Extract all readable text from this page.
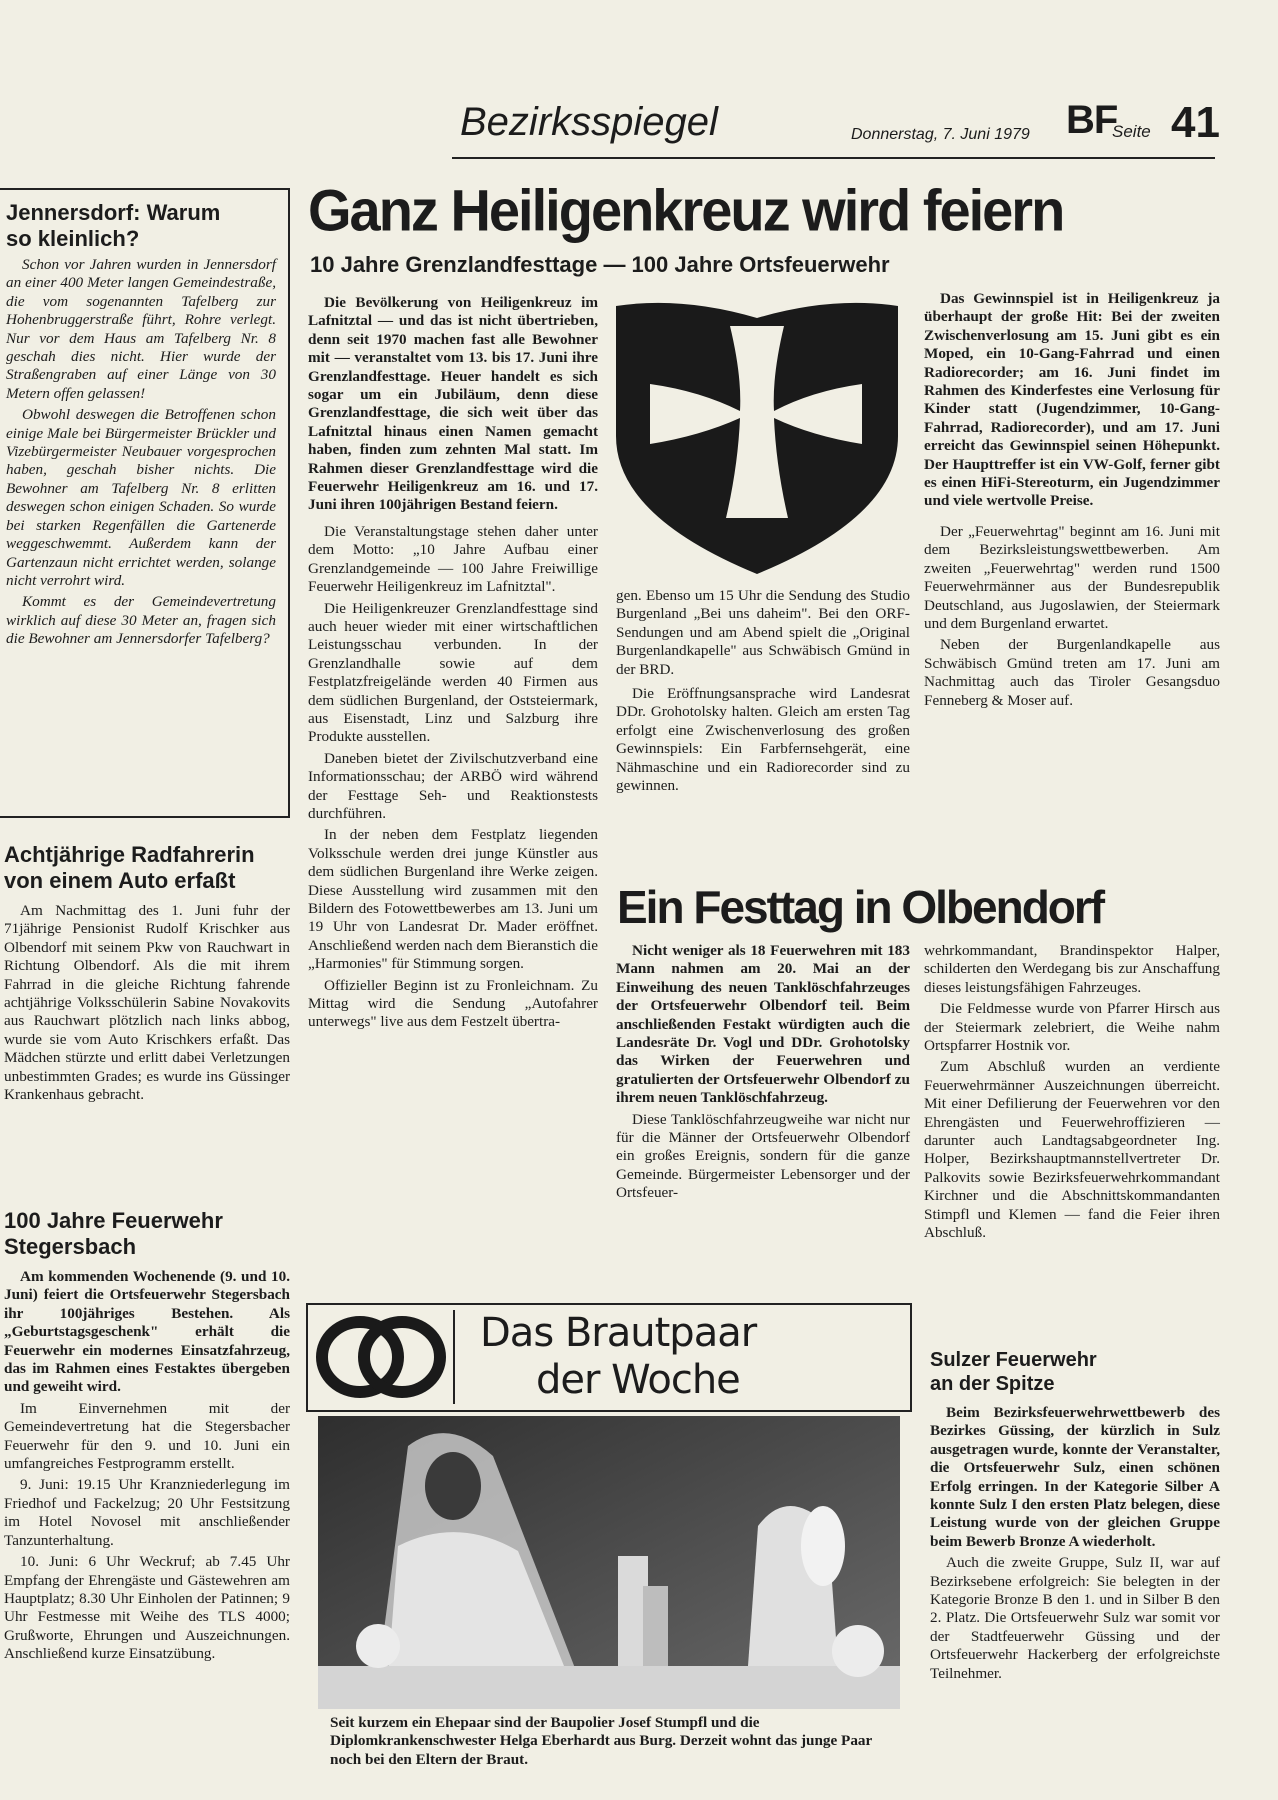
Bezirksspiegel	Donnerstag, 7. Juni 1979 BF
Seite 41
Jennersdorf: Warum
so kleinlich?

Schon vor Jahren wurden in Jennersdorf an einer 400 Meter langen Gemeindestraße, die vom sogenannten Tafelberg zur Hohenbruggerstraße führt, Rohre verlegt. Nur vor dem Haus am Tafelberg Nr. 8 geschah dies nicht. Hier wurde der Straßengraben auf einer Länge von 30 Metern offen gelassen!

Obwohl deswegen die Betroffenen schon einige Male bei Bürgermeister Brückler und Vizebürgermeister Neubauer vorgesprochen haben, geschah bisher nichts. Die Bewohner am Tafelberg Nr. 8 erlitten deswegen schon einigen Schaden. So wurde bei starken Regenfällen die Gartenerde weggeschwemmt. Außerdem kann der Gartenzaun nicht errichtet werden, solange nicht verrohrt wird.

Kommt es der Gemeindevertretung wirklich auf diese 30 Meter an, fragen sich die Bewohner am Jennersdorfer Tafelberg?

Achtjährige Radfahrerin
von einem Auto erfaßt

Am Nachmittag des 1. Juni fuhr der 71jährige Pensionist Rudolf Krischker aus Olbendorf mit seinem Pkw von Rauchwart in Richtung Olbendorf. Als die mit ihrem Fahrrad in die gleiche Richtung fahrende achtjährige Volksschülerin Sabine Novakovits aus Rauchwart plötzlich nach links abbog, wurde sie vom Auto Krischkers erfaßt. Das Mädchen stürzte und erlitt dabei Verletzungen unbestimmten Grades; es wurde ins Güssinger Krankenhaus gebracht.

100 Jahre Feuerwehr
Stegersbach

Am kommenden Wochenende (9. und 10. Juni) feiert die Ortsfeuerwehr Stegersbach ihr 100jähriges Bestehen. Als „Geburtstagsgeschenk" erhält die Feuerwehr ein modernes Einsatzfahrzeug, das im Rahmen eines Festaktes übergeben und geweiht wird.

Im Einvernehmen mit der Gemeindevertretung hat die Stegersbacher Feuerwehr für den 9. und 10. Juni ein umfangreiches Festprogramm erstellt.

9. Juni: 19.15 Uhr Kranzniederlegung im Friedhof und Fackelzug; 20 Uhr Festsitzung im Hotel Novosel mit anschließender Tanzunterhaltung.

10. Juni: 6 Uhr Weckruf; ab 7.45 Uhr Empfang der Ehrengäste und Gästewehren am Hauptplatz; 8.30 Uhr Einholen der Patinnen; 9 Uhr Festmesse mit Weihe des TLS 4000; Grußworte, Ehrungen und Auszeichnungen. Anschließend kurze Einsatzübung.

Ganz Heiligenkreuz wird feiern
10 Jahre Grenzlandfesttage — 100 Jahre Ortsfeuerwehr

Die Bevölkerung von Heiligenkreuz im Lafnitztal — und das ist nicht übertrieben, denn seit 1970 machen fast alle Bewohner mit — veranstaltet vom 13. bis 17. Juni ihre Grenzlandfesttage. Heuer handelt es sich sogar um ein Jubiläum, denn diese Grenzlandfesttage, die sich weit über das Lafnitztal hinaus einen Namen gemacht haben, finden zum zehnten Mal statt. Im Rahmen dieser Grenzlandfesttage wird die Feuerwehr Heiligenkreuz am 16. und 17. Juni ihren 100jährigen Bestand feiern.

Die Veranstaltungstage stehen daher unter dem Motto: „10 Jahre Aufbau einer Grenzlandgemeinde — 100 Jahre Freiwillige Feuerwehr Heiligenkreuz im Lafnitztal".

Die Heiligenkreuzer Grenzlandfesttage sind auch heuer wieder mit einer wirtschaftlichen Leistungsschau verbunden. In der Grenzlandhalle sowie auf dem Festplatzfreigelände werden 40 Firmen aus dem südlichen Burgenland, der Oststeiermark, aus Eisenstadt, Linz und Salzburg ihre Produkte ausstellen.

Daneben bietet der Zivilschutzverband eine Informationsschau; der ARBÖ wird während der Festtage Seh- und Reaktionstests durchführen.

In der neben dem Festplatz liegenden Volksschule werden drei junge Künstler aus dem südlichen Burgenland ihre Werke zeigen. Diese Ausstellung wird zusammen mit den Bildern des Fotowettbewerbes am 13. Juni um 19 Uhr von Landesrat Dr. Mader eröffnet. Anschließend werden nach dem Bieranstich die „Harmonies" für Stimmung sorgen.

Offizieller Beginn ist zu Fronleichnam. Zu Mittag wird die Sendung „Autofahrer unterwegs" live aus dem Festzelt übertra-

gen. Ebenso um 15 Uhr die Sendung des Studio Burgenland „Bei uns daheim". Bei den ORF-Sendungen und am Abend spielt die „Original Burgenlandkapelle" aus Schwäbisch Gmünd in der BRD.

Die Eröffnungsansprache wird Landesrat DDr. Grohotolsky halten. Gleich am ersten Tag erfolgt eine Zwischenverlosung des großen Gewinnspiels: Ein Farbfernsehgerät, eine Nähmaschine und ein Radiorecorder sind zu gewinnen.

Das Gewinnspiel ist in Heiligenkreuz ja überhaupt der große Hit: Bei der zweiten Zwischenverlosung am 15. Juni gibt es ein Moped, ein 10-Gang-Fahrrad und einen Radiorecorder; am 16. Juni findet im Rahmen des Kinderfestes eine Verlosung für Kinder statt (Jugendzimmer, 10-Gang-Fahrrad, Radiorecorder), und am 17. Juni erreicht das Gewinnspiel seinen Höhepunkt. Der Haupttreffer ist ein VW-Golf, ferner gibt es einen HiFi-Stereoturm, ein Jugendzimmer und viele wertvolle Preise.

Der „Feuerwehrtag" beginnt am 16. Juni mit dem Bezirksleistungswettbewerben. Am zweiten „Feuerwehrtag" werden rund 1500 Feuerwehrmänner aus der Bundesrepublik Deutschland, aus Jugoslawien, der Steiermark und dem Burgenland erwartet.

Neben der Burgenlandkapelle aus Schwäbisch Gmünd treten am 17. Juni am Nachmittag auch das Tiroler Gesangsduo Fenneberg & Moser auf.

Ein Festtag in Olbendorf

Nicht weniger als 18 Feuerwehren mit 183 Mann nahmen am 20. Mai an der Einweihung des neuen Tanklöschfahrzeuges der Ortsfeuerwehr Olbendorf teil. Beim anschließenden Festakt würdigten auch die Landesräte Dr. Vogl und DDr. Grohotolsky das Wirken der Feuerwehren und gratulierten der Ortsfeuerwehr Olbendorf zu ihrem neuen Tanklöschfahrzeug.

Diese Tanklöschfahrzeugweihe war nicht nur für die Männer der Ortsfeuerwehr Olbendorf ein großes Ereignis, sondern für die ganze Gemeinde. Bürgermeister Lebensorger und der Ortsfeuer-

wehrkommandant, Brandinspektor Halper, schilderten den Werdegang bis zur Anschaffung dieses leistungsfähigen Fahrzeuges.

Die Feldmesse wurde von Pfarrer Hirsch aus der Steiermark zelebriert, die Weihe nahm Ortspfarrer Hostnik vor.

Zum Abschluß wurden an verdiente Feuerwehrmänner Auszeichnungen überreicht. Mit einer Defilierung der Feuerwehren vor den Ehrengästen und Feuerwehroffizieren — darunter auch Landtagsabgeordneter Ing. Holper, Bezirkshauptmannstellvertreter Dr. Palkovits sowie Bezirksfeuerwehrkommandant Kirchner und die Abschnittskommandanten Stimpfl und Klemen — fand die Feier ihren Abschluß.

Das Brautpaar
der Woche
Seit kurzem ein Ehepaar sind der Baupolier Josef Stumpfl und die Diplomkrankenschwester Helga Eberhardt aus Burg. Derzeit wohnt das junge Paar noch bei den Eltern der Braut.
Sulzer Feuerwehr
an der Spitze

Beim Bezirksfeuerwehrwettbewerb des Bezirkes Güssing, der kürzlich in Sulz ausgetragen wurde, konnte der Veranstalter, die Ortsfeuerwehr Sulz, einen schönen Erfolg erringen. In der Kategorie Silber A konnte Sulz I den ersten Platz belegen, diese Leistung wurde von der gleichen Gruppe beim Bewerb Bronze A wiederholt.

Auch die zweite Gruppe, Sulz II, war auf Bezirksebene erfolgreich: Sie belegten in der Kategorie Bronze B den 1. und in Silber B den 2. Platz. Die Ortsfeuerwehr Sulz war somit vor der Stadtfeuerwehr Güssing und der Ortsfeuerwehr Hackerberg der erfolgreichste Teilnehmer.
